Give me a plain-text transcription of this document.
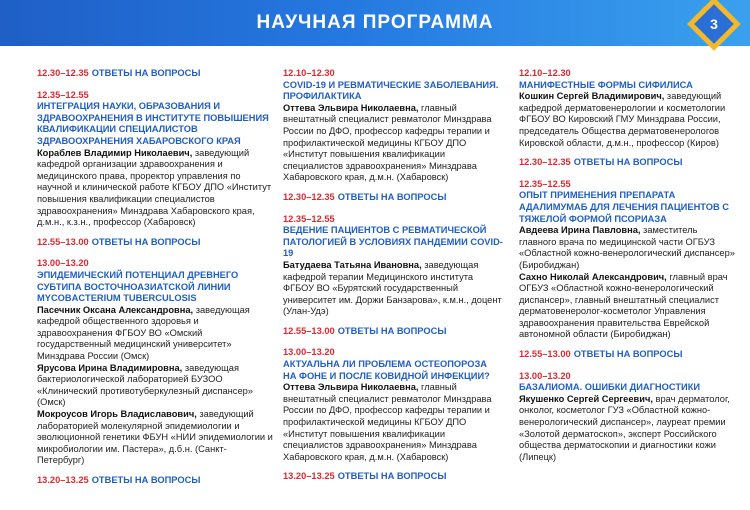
НАУЧНАЯ ПРОГРАММА	3
12.30–12.35 ОТВЕТЫ НА ВОПРОСЫ
12.35–12.55
ИНТЕГРАЦИЯ НАУКИ, ОБРАЗОВАНИЯ И ЗДРАВООХРАНЕНИЯ В ИНСТИТУТЕ ПОВЫШЕНИЯ КВАЛИФИКАЦИИ СПЕЦИАЛИСТОВ ЗДРАВООХРАНЕНИЯ ХАБАРОВСКОГО КРАЯ
Кораблев Владимир Николаевич, заведующий кафедрой организации здравоохранения и медицинского права, проректор управления по научной и клинической работе КГБОУ ДПО «Институт повышения квалификации специалистов здравоохранения» Минздрава Хабаровского края, д.м.н., к.з.н., профессор (Хабаровск)
12.55–13.00 ОТВЕТЫ НА ВОПРОСЫ
13.00–13.20
ЭПИДЕМИЧЕСКИЙ ПОТЕНЦИАЛ ДРЕВНЕГО СУБТИПА ВОСТОЧНОАЗИАТСКОЙ ЛИНИИ MYCOBACTERIUM TUBERCULOSIS
Пасечник Оксана Александровна, заведующая кафедрой общественного здоровья и здравоохранения ФГБОУ ВО «Омский государственный медицинский университет» Минздрава России (Омск)
Ярусова Ирина Владимировна, заведующая бактериологической лабораторией БУЗОО «Клинический противотуберкулезный диспансер» (Омск)
Мокроусов Игорь Владиславович, заведующий лабораторией молекулярной эпидемиологии и эволюционной генетики ФБУН «НИИ эпидемиологии и микробиологии им. Пастера», д.б.н. (Санкт-Петербург)
13.20–13.25 ОТВЕТЫ НА ВОПРОСЫ
12.10–12.30
COVID-19 И РЕВМАТИЧЕСКИЕ ЗАБОЛЕВАНИЯ. ПРОФИЛАКТИКА
Оттева Эльвира Николаевна, главный внештатный специалист ревматолог Минздрава России по ДФО, профессор кафедры терапии и профилактической медицины КГБОУ ДПО «Институт повышения квалификации специалистов здравоохранения» Минздрава Хабаровского края, д.м.н. (Хабаровск)
12.30–12.35 ОТВЕТЫ НА ВОПРОСЫ
12.35–12.55
ВЕДЕНИЕ ПАЦИЕНТОВ С РЕВМАТИЧЕСКОЙ ПАТОЛОГИЕЙ В УСЛОВИЯХ ПАНДЕМИИ COVID-19
Батудаева Татьяна Ивановна, заведующая кафедрой терапии Медицинского института ФГБОУ ВО «Бурятский государственный университет им. Доржи Банзарова», к.м.н., доцент (Улан-Удэ)
12.55–13.00 ОТВЕТЫ НА ВОПРОСЫ
13.00–13.20
АКТУАЛЬНА ЛИ ПРОБЛЕМА ОСТЕОПОРОЗА НА ФОНЕ И ПОСЛЕ КОВИДНОЙ ИНФЕКЦИИ?
Оттева Эльвира Николаевна, главный внештатный специалист ревматолог Минздрава России по ДФО, профессор кафедры терапии и профилактической медицины КГБОУ ДПО «Институт повышения квалификации специалистов здравоохранения» Минздрава Хабаровского края, д.м.н. (Хабаровск)
13.20–13.25 ОТВЕТЫ НА ВОПРОСЫ
12.10–12.30
МАНИФЕСТНЫЕ ФОРМЫ СИФИЛИСА
Кошкин Сергей Владимирович, заведующий кафедрой дерматовенерологии и косметологии ФГБОУ ВО Кировский ГМУ Минздрава России, председатель Общества дерматовенерологов Кировской области, д.м.н., профессор (Киров)
12.30–12.35 ОТВЕТЫ НА ВОПРОСЫ
12.35–12.55
ОПЫТ ПРИМЕНЕНИЯ ПРЕПАРАТА АДАЛИМУМАБ ДЛЯ ЛЕЧЕНИЯ ПАЦИЕНТОВ С ТЯЖЕЛОЙ ФОРМОЙ ПСОРИАЗА
Авдеева Ирина Павловна, заместитель главного врача по медицинской части ОГБУЗ «Областной кожно-венерологический диспансер» (Биробиджан)
Сахно Николай Александрович, главный врач ОГБУЗ «Областной кожно-венерологический диспансер», главный внештатный специалист дерматовенеролог-косметолог Управления здравоохранения правительства Еврейской автономной области (Биробиджан)
12.55–13.00 ОТВЕТЫ НА ВОПРОСЫ
13.00–13.20
БАЗАЛИОМА. ОШИБКИ ДИАГНОСТИКИ
Якушенко Сергей Сергеевич, врач дерматолог, онколог, косметолог ГУЗ «Областной кожно-венерологический диспансер», лауреат премии «Золотой дерматоскоп», эксперт Российского общества дерматоскопии и диагностики кожи (Липецк)
